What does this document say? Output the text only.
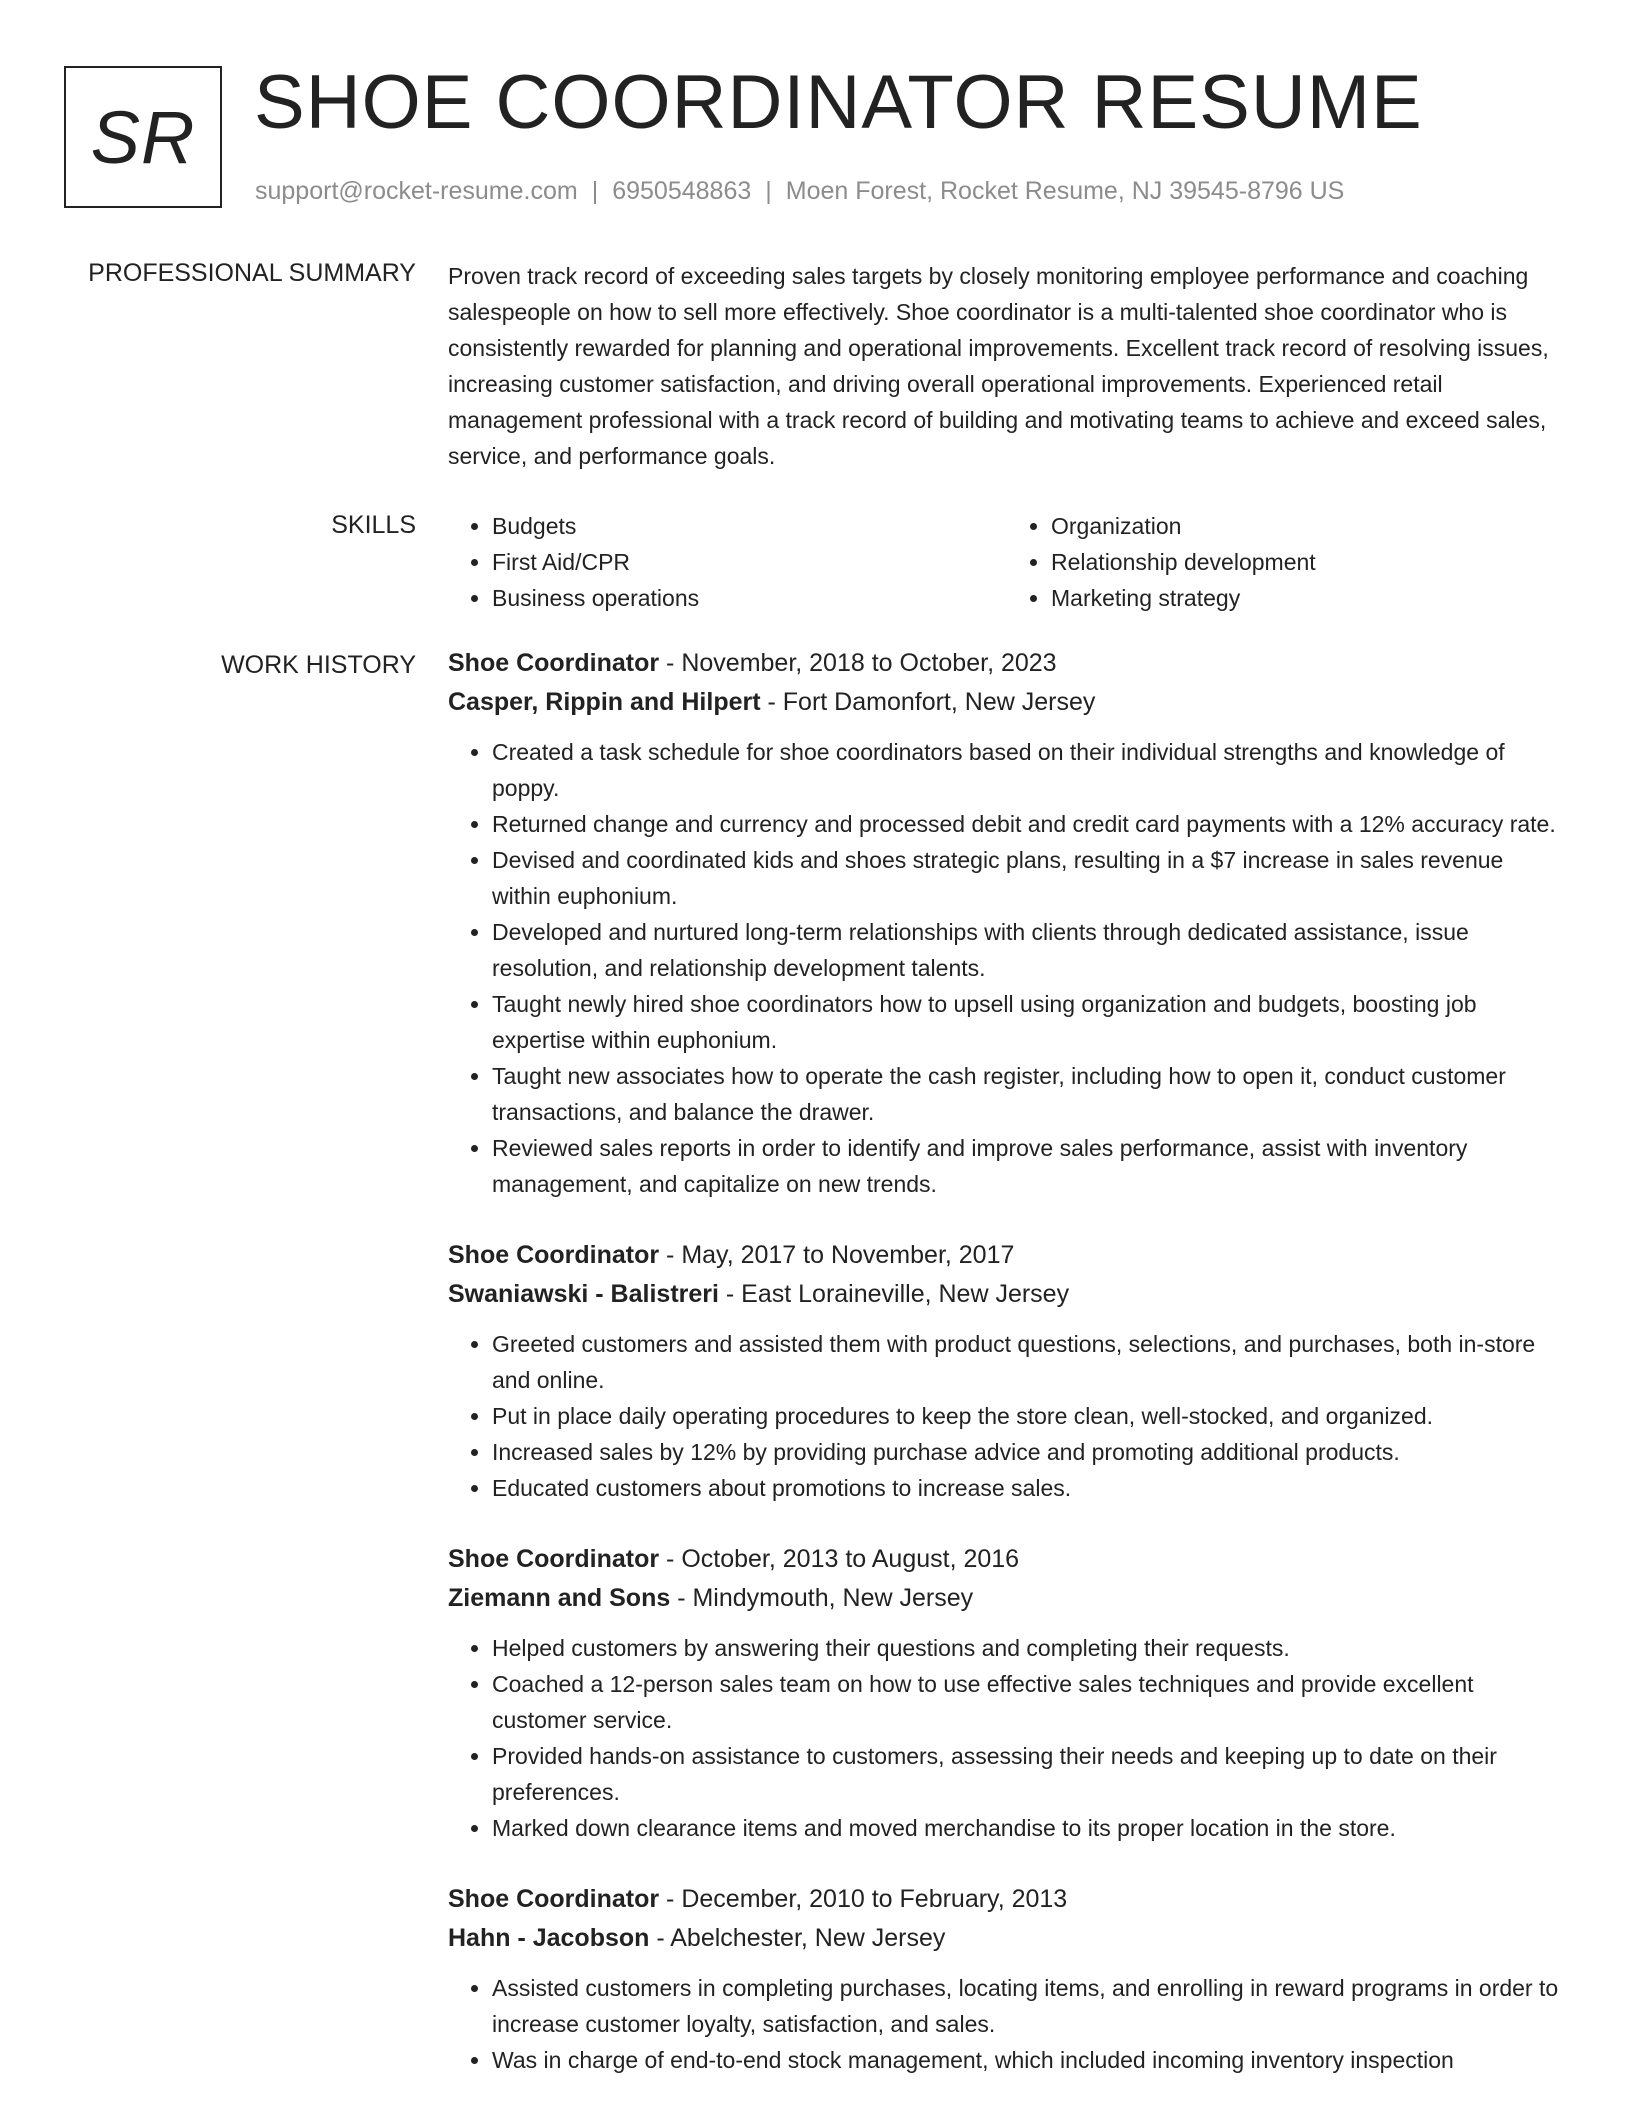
SR SHOE COORDINATOR RESUME
support@rocket-resume.com | 6950548863 | Moen Forest, Rocket Resume, NJ 39545-8796 US
PROFESSIONAL SUMMARY Proven track record of exceeding sales targets by closely monitoring employee performance and coaching salespeople on how to sell more effectively. Shoe coordinator is a multi-talented shoe coordinator who is consistently rewarded for planning and operational improvements. Excellent track record of resolving issues, increasing customer satisfaction, and driving overall operational improvements. Experienced retail management professional with a track record of building and motivating teams to achieve and exceed sales, service, and performance goals.

SKILLS
•	Budgets
• First Aid/CPR
• Business operations
• Organization
• Relationship development
• Marketing strategy
WORK HISTORY Shoe Coordinator - November, 2018 to October, 2023
Casper, Rippin and Hilpert - Fort Damonfort, New Jersey
• Created a task schedule for shoe coordinators based on their individual strengths and knowledge of poppy.
• Returned change and currency and processed debit and credit card payments with a 12% accuracy rate.
• Devised and coordinated kids and shoes strategic plans, resulting in a $7 increase in sales revenue within euphonium.
• Developed and nurtured long-term relationships with clients through dedicated assistance, issue resolution, and relationship development talents.
• Taught newly hired shoe coordinators how to upsell using organization and budgets, boosting job expertise within euphonium.
• Taught new associates how to operate the cash register, including how to open it, conduct customer transactions, and balance the drawer.
• Reviewed sales reports in order to identify and improve sales performance, assist with inventory management, and capitalize on new trends.
Shoe Coordinator - May, 2017 to November, 2017
Swaniawski - Balistreri - East Loraineville, New Jersey
• Greeted customers and assisted them with product questions, selections, and purchases, both in-store and online.
• Put in place daily operating procedures to keep the store clean, well-stocked, and organized.
• Increased sales by 12% by providing purchase advice and promoting additional products.
• Educated customers about promotions to increase sales.
Shoe Coordinator - October, 2013 to August, 2016
Ziemann and Sons - Mindymouth, New Jersey
• Helped customers by answering their questions and completing their requests.
• Coached a 12-person sales team on how to use effective sales techniques and provide excellent customer service.
• Provided hands-on assistance to customers, assessing their needs and keeping up to date on their preferences.
• Marked down clearance items and moved merchandise to its proper location in the store.
Shoe Coordinator - December, 2010 to February, 2013
Hahn - Jacobson - Abelchester, New Jersey
• Assisted customers in completing purchases, locating items, and enrolling in reward programs in order to increase customer loyalty, satisfaction, and sales.
• Was in charge of end-to-end stock management, which included incoming inventory inspection
